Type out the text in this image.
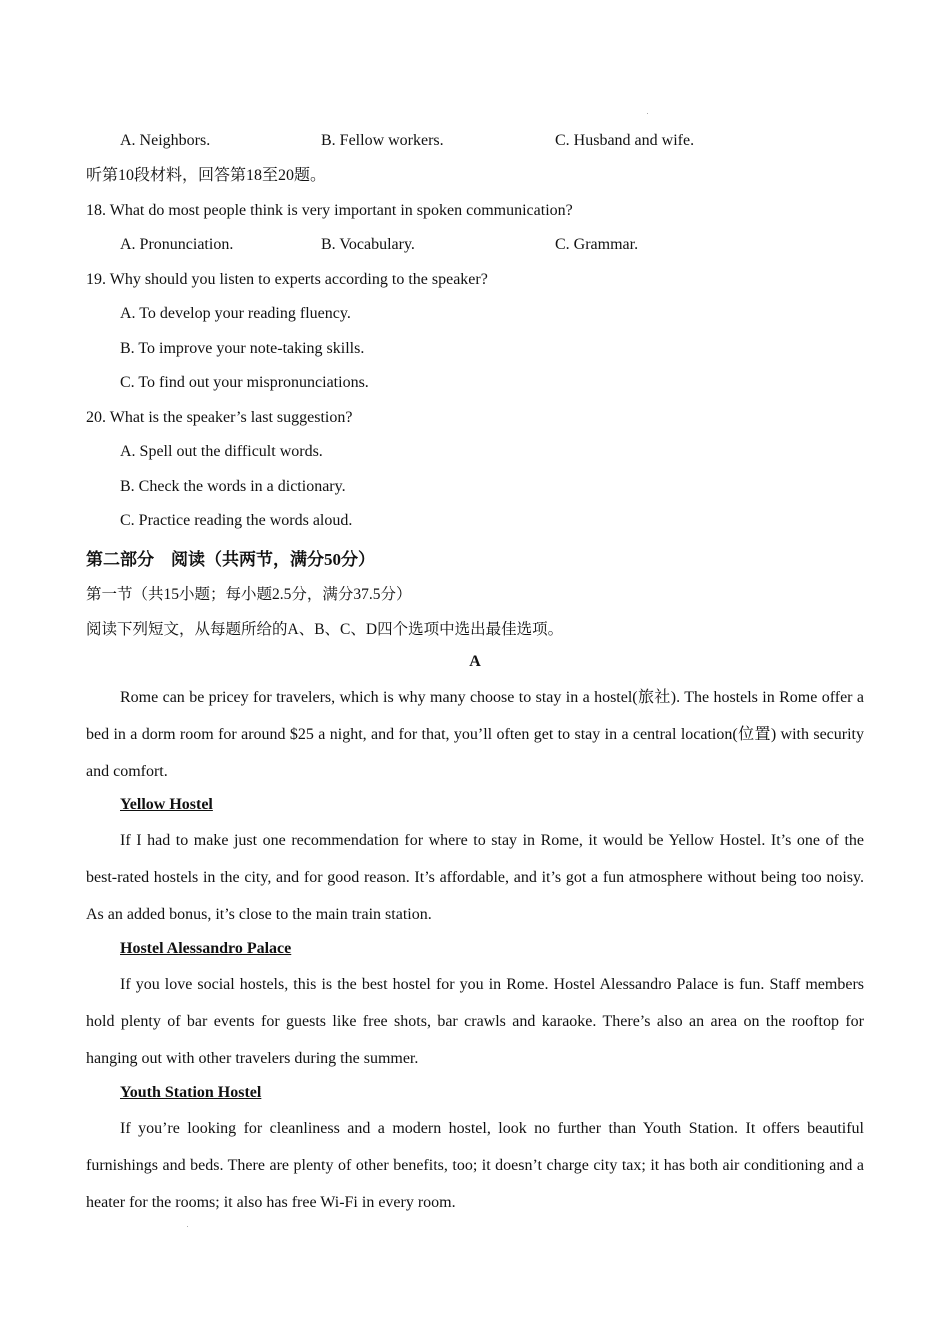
A. Neighbors.	B. Fellow workers.	C. Husband and wife.
听第10段材料，回答第18至20题。
18. What do most people think is very important in spoken communication?
A. Pronunciation.	B. Vocabulary.	C. Grammar.
19. Why should you listen to experts according to the speaker?
A. To develop your reading fluency.
B. To improve your note-taking skills.
C. To find out your mispronunciations.
20. What is the speaker’s last suggestion?
A. Spell out the difficult words.
B. Check the words in a dictionary.
C. Practice reading the words aloud.
第二部分　阅读（共两节，满分50分）
第一节（共15小题；每小题2.5分，满分37.5分）
阅读下列短文，从每题所给的A、B、C、D四个选项中选出最佳选项。
A

Rome can be pricey for travelers, which is why many choose to stay in a hostel(旅社). The hostels in Rome offer a bed in a dorm room for around $25 a night, and for that, you’ll often get to stay in a central location(位置) with security and comfort.

Yellow Hostel

If I had to make just one recommendation for where to stay in Rome, it would be Yellow Hostel. It’s one of the best-rated hostels in the city, and for good reason. It’s affordable, and it’s got a fun atmosphere without being too noisy. As an added bonus, it’s close to the main train station.

Hostel Alessandro Palace

If you love social hostels, this is the best hostel for you in Rome. Hostel Alessandro Palace is fun. Staff members hold plenty of bar events for guests like free shots, bar crawls and karaoke. There’s also an area on the rooftop for hanging out with other travelers during the summer.

Youth Station Hostel

If you’re looking for cleanliness and a modern hostel, look no further than Youth Station. It offers beautiful furnishings and beds. There are plenty of other benefits, too; it doesn’t charge city tax; it has both air conditioning and a heater for the rooms; it also has free Wi-Fi in every room.
